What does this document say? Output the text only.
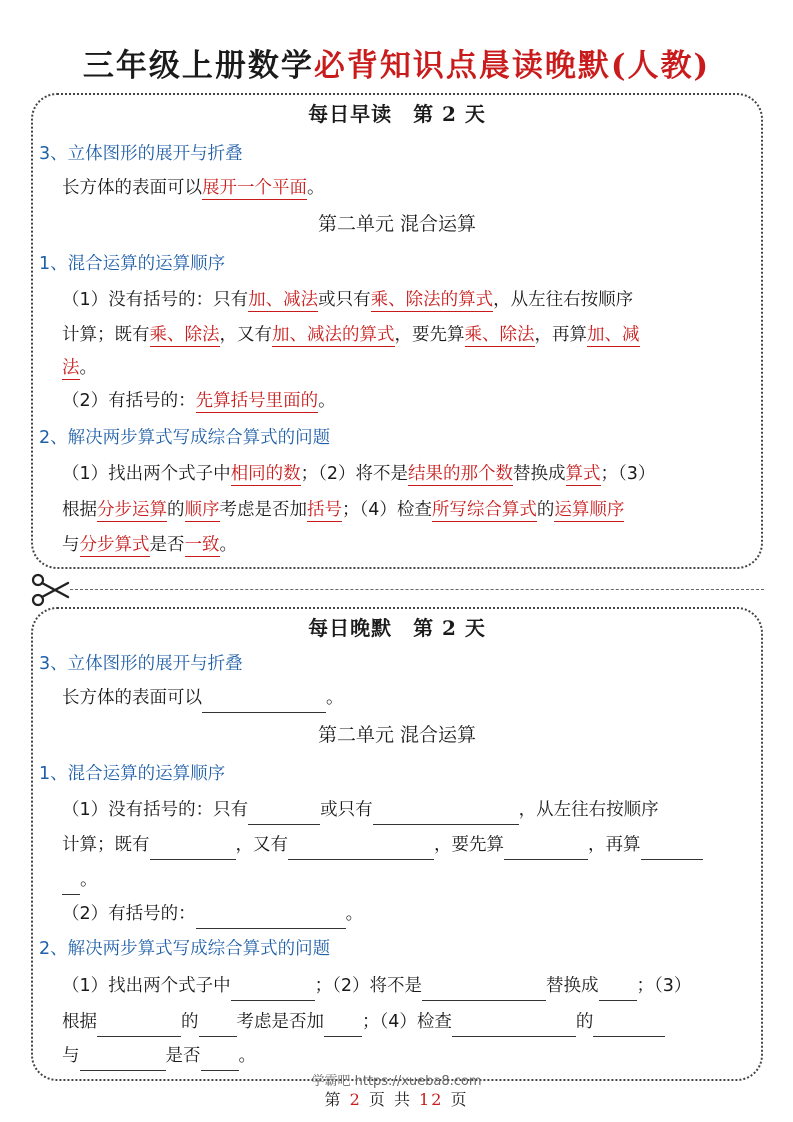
三年级上册数学必背知识点晨读晚默(人教)
每日早读　第 2 天
3、立体图形的展开与折叠
长方体的表面可以展开一个平面。
第二单元 混合运算
1、混合运算的运算顺序
（1）没有括号的：只有加、减法或只有乘、除法的算式，从左往右按顺序
计算；既有乘、除法，又有加、减法的算式，要先算乘、除法，再算加、减
法。
（2）有括号的：先算括号里面的。
2、解决两步算式写成综合算式的问题
（1）找出两个式子中相同的数；（2）将不是结果的那个数替换成算式；（3）
根据分步运算的顺序考虑是否加括号；（4）检查所写综合算式的运算顺序
与分步算式是否一致。
每日晚默　第 2 天
3、立体图形的展开与折叠
长方体的表面可以	。
第二单元 混合运算
1、混合运算的运算顺序
（1）没有括号的：只有	或只有	，从左往右按顺序
计算；既有	，又有	，要先算	，再算
。
（2）有括号的：	。
2、解决两步算式写成综合算式的问题
（1）找出两个式子中	；（2）将不是	替换成 ；（3）
根据	的 考虑是否加 ；（4）检查	的
与	是否 。
学霸吧 https://xueba8.com
第 2 页 共 12 页
